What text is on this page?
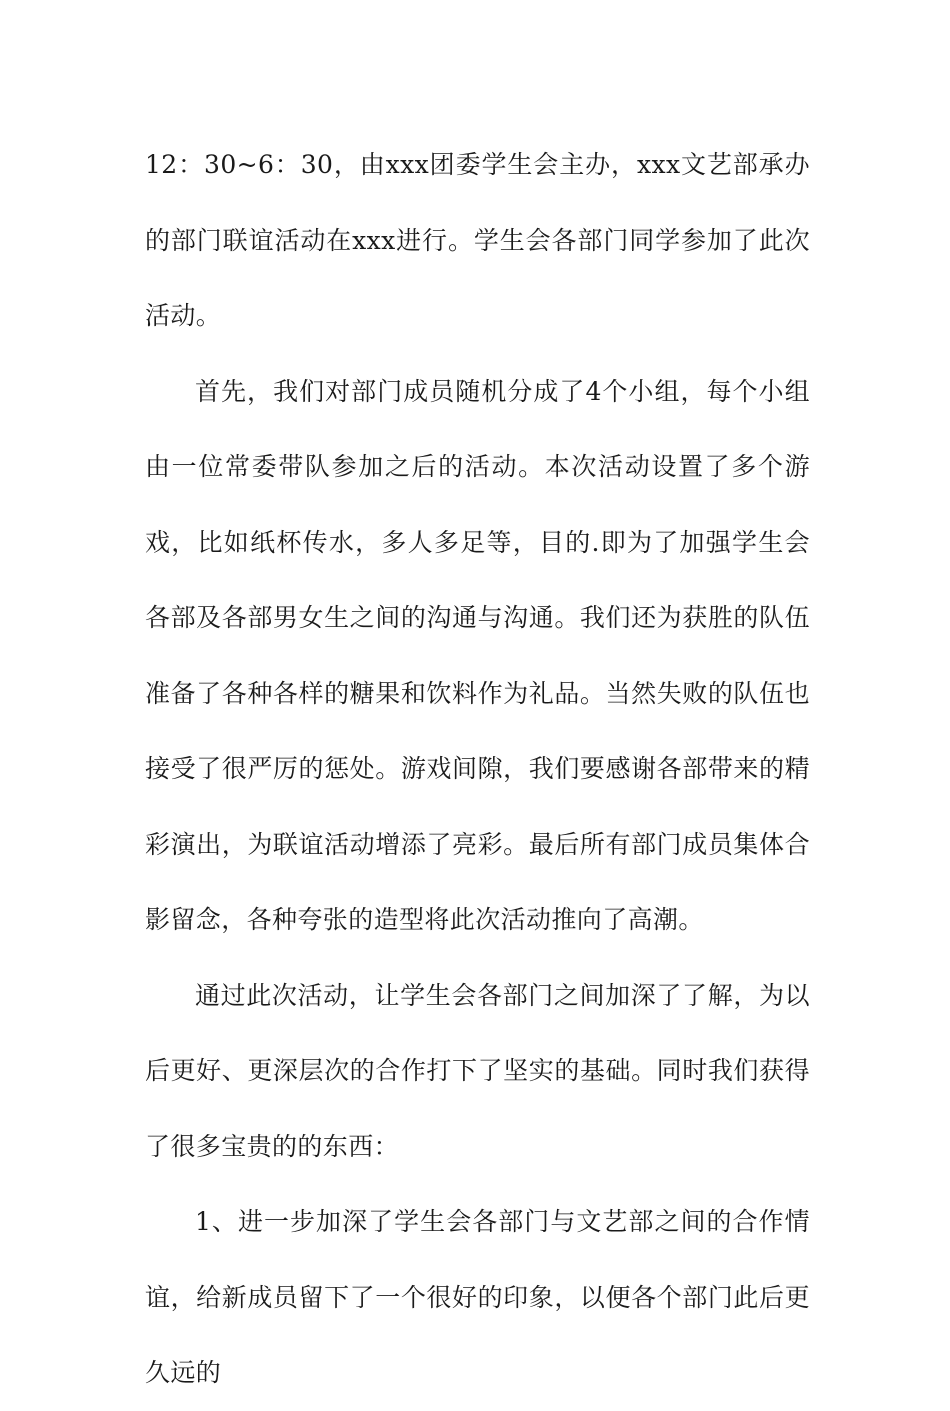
12：30~6：30，由xxx团委学生会主办，xxx文艺部承办的部门联谊活动在xxx进行。学生会各部门同学参加了此次活动。

首先，我们对部门成员随机分成了4个小组，每个小组由一位常委带队参加之后的活动。本次活动设置了多个游戏，比如纸杯传水，多人多足等，目的.即为了加强学生会各部及各部男女生之间的沟通与沟通。我们还为获胜的队伍准备了各种各样的糖果和饮料作为礼品。当然失败的队伍也接受了很严厉的惩处。游戏间隙，我们要感谢各部带来的精彩演出，为联谊活动增添了亮彩。最后所有部门成员集体合影留念，各种夸张的造型将此次活动推向了高潮。

通过此次活动，让学生会各部门之间加深了了解，为以后更好、更深层次的合作打下了坚实的基础。同时我们获得了很多宝贵的的东西：

1、进一步加深了学生会各部门与文艺部之间的合作情谊，给新成员留下了一个很好的印象，以便各个部门此后更久远的
